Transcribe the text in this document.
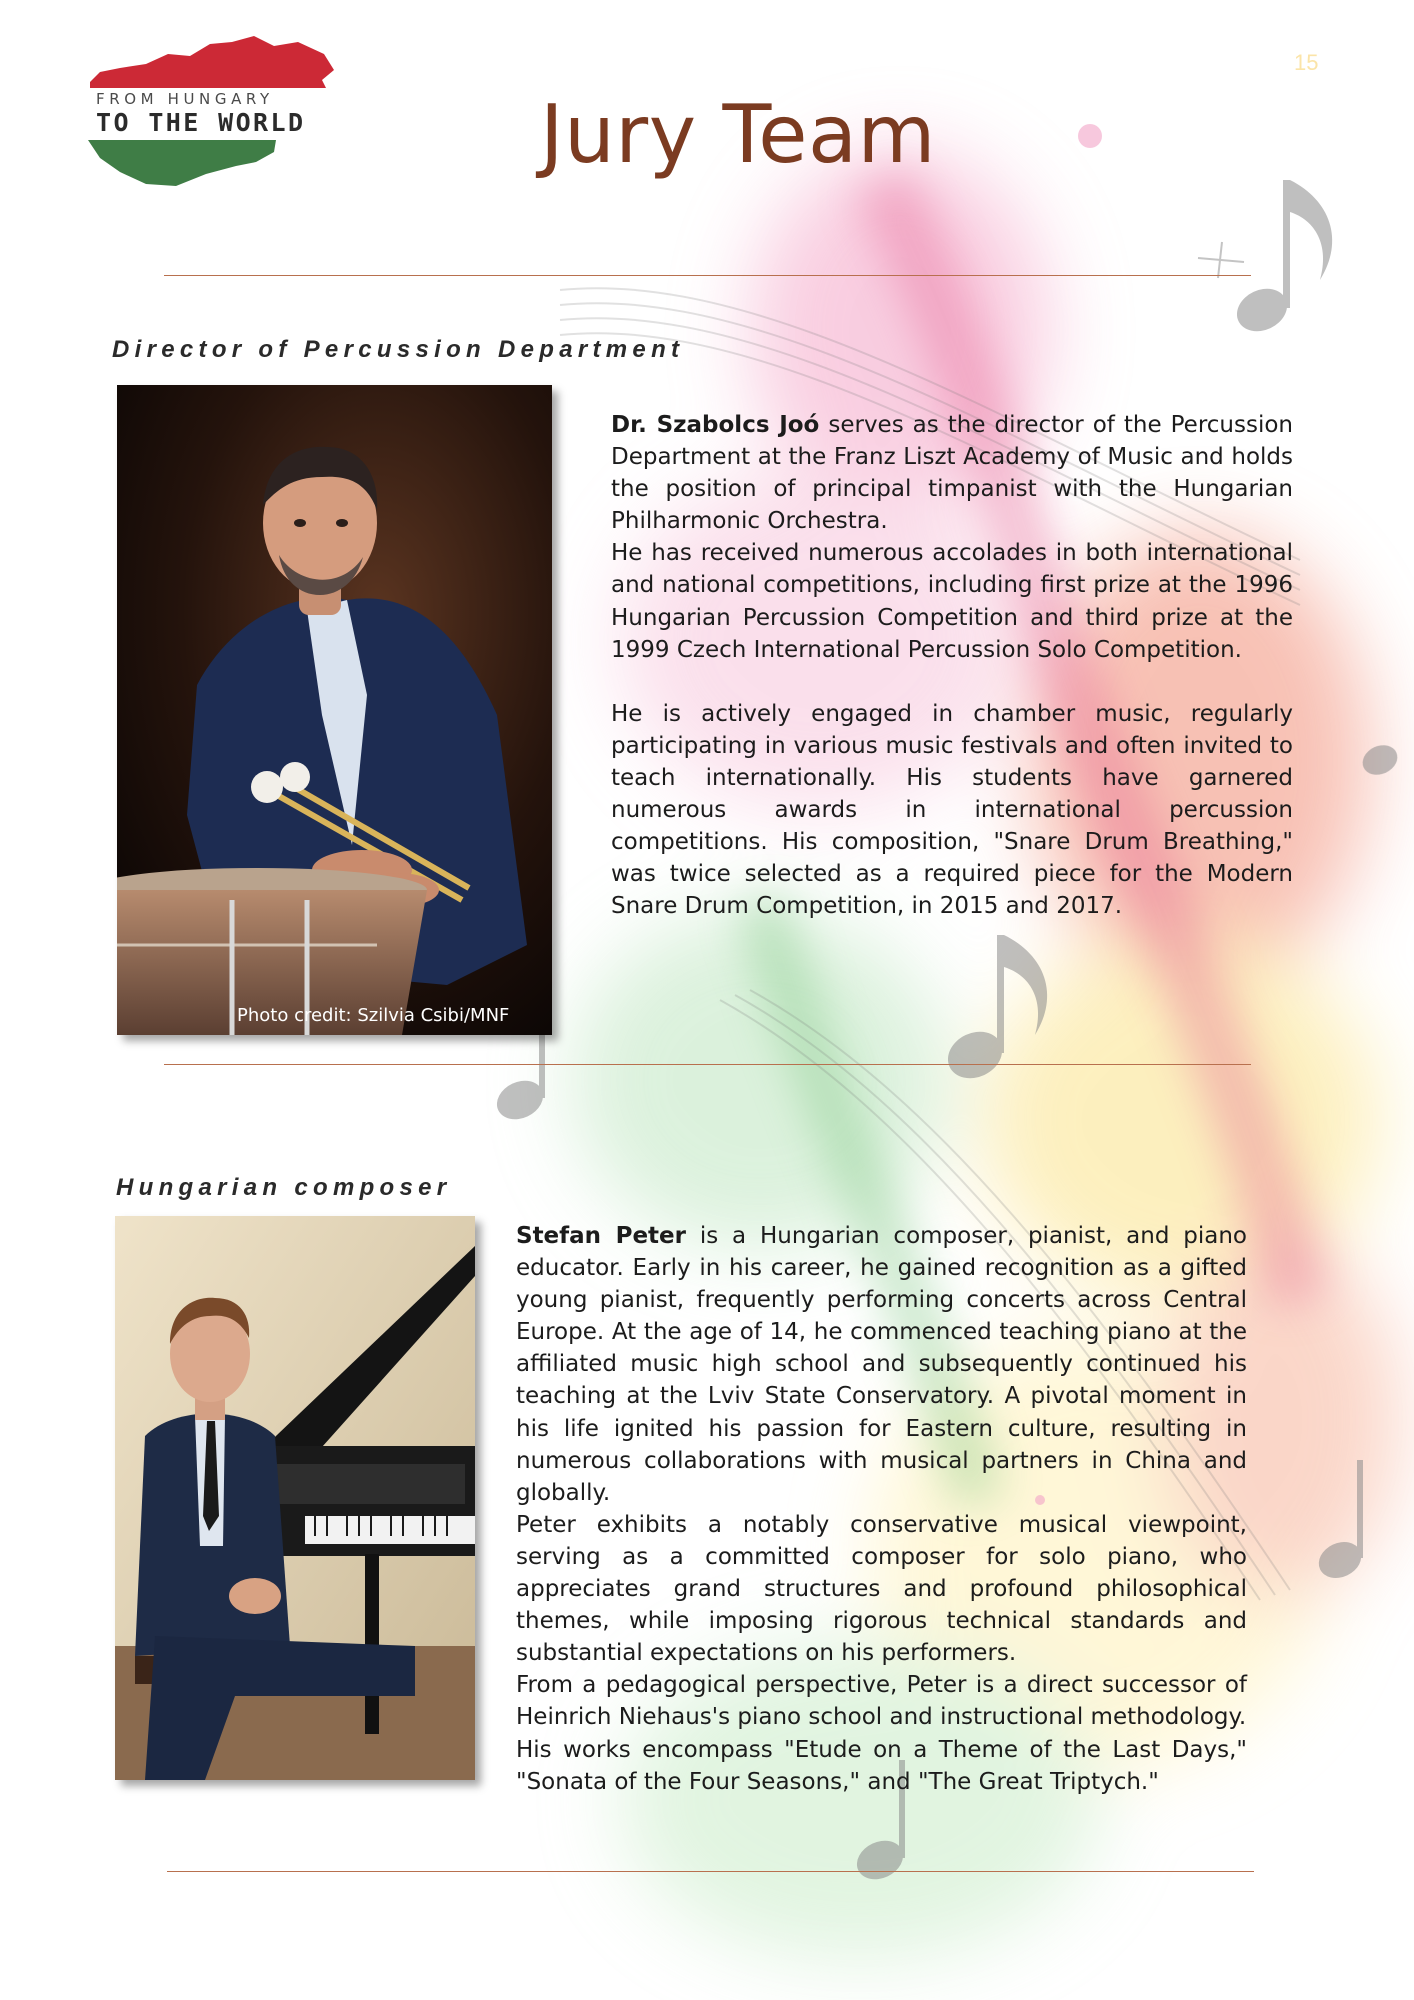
FROM HUNGARY
TO THE WORLD
15
Jury Team
Director of Percussion Department
Photo credit: Szilvia Csibi/MNF

Dr. Szabolcs Joó serves as the director of the Percussion Department at the Franz Liszt Academy of Music and holds the position of principal timpanist with the Hungarian Philharmonic Orchestra.

He has received numerous accolades in both international and national competitions, including first prize at the 1996 Hungarian Percussion Competition and third prize at the 1999 Czech International Percussion Solo Competition.

He is actively engaged in chamber music, regularly participating in various music festivals and often invited to teach internationally. His students have garnered numerous awards in international percussion competitions. His composition, "Snare Drum Breathing," was twice selected as a required piece for the Modern Snare Drum Competition, in 2015 and 2017.

Hungarian composer

Stefan Peter is a Hungarian composer, pianist, and piano educator. Early in his career, he gained recognition as a gifted young pianist, frequently performing concerts across Central Europe. At the age of 14, he commenced teaching piano at the affiliated music high school and subsequently continued his teaching at the Lviv State Conservatory. A pivotal moment in his life ignited his passion for Eastern culture, resulting in numerous collaborations with musical partners in China and globally.

Peter exhibits a notably conservative musical viewpoint, serving as a committed composer for solo piano, who appreciates grand structures and profound philosophical themes, while imposing rigorous technical standards and substantial expectations on his performers.

From a pedagogical perspective, Peter is a direct successor of Heinrich Niehaus's piano school and instructional methodology.

His works encompass "Etude on a Theme of the Last Days," "Sonata of the Four Seasons," and "The Great Triptych."
